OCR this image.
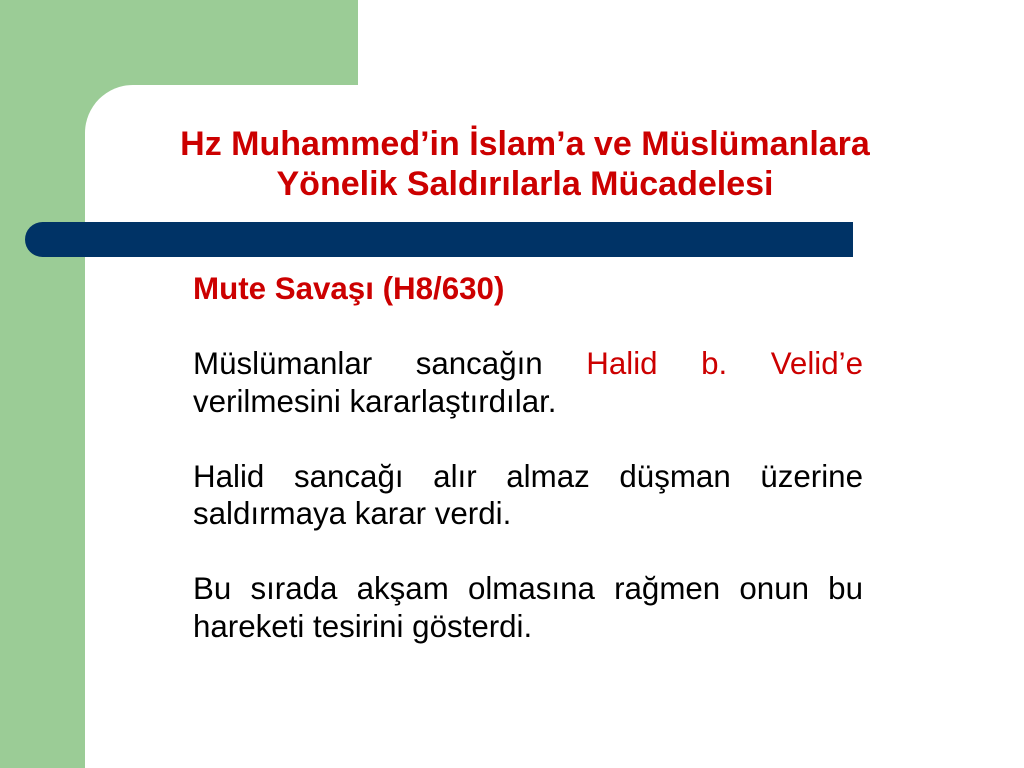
Hz Muhammed’in İslam’a ve Müslümanlara
Yönelik Saldırılarla Mücadelesi

Mute Savaşı (H8/630)

Müslümanlar sancağın Halid b. Velid’e verilmesini kararlaştırdılar.

Halid sancağı alır almaz düşman üzerine saldırmaya karar verdi.

Bu sırada akşam olmasına rağmen onun bu hareketi tesirini gösterdi.
